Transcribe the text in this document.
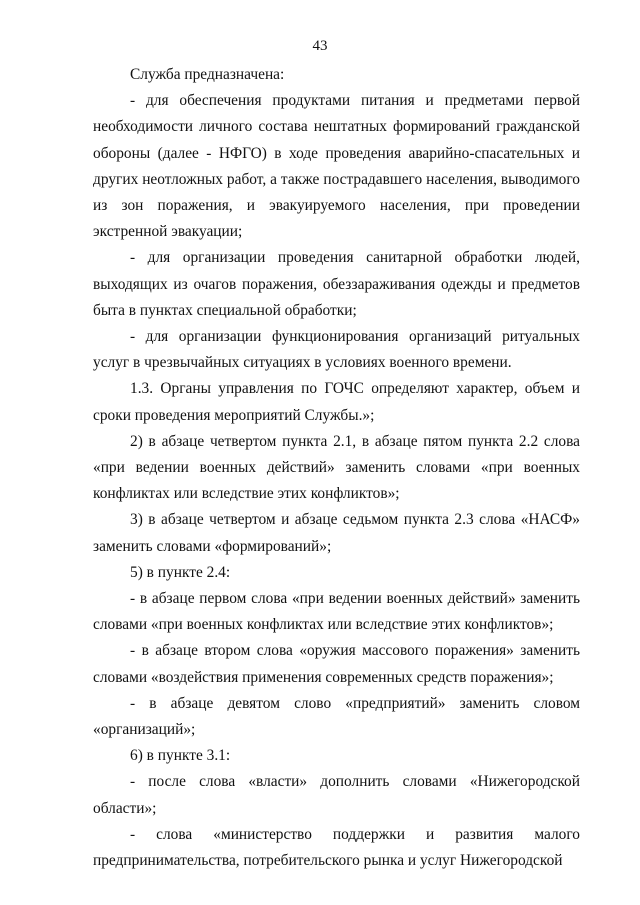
43

Служба предназначена:

- для обеспечения продуктами питания и предметами первой необходимости личного состава нештатных формирований гражданской обороны (далее - НФГО) в ходе проведения аварийно-спасательных и других неотложных работ, а также пострадавшего населения, выводимого из зон поражения, и эвакуируемого населения, при проведении экстренной эвакуации;

- для организации проведения санитарной обработки людей, выходящих из очагов поражения, обеззараживания одежды и предметов быта в пунктах специальной обработки;

- для организации функционирования организаций ритуальных услуг в чрезвычайных ситуациях в условиях военного времени.

1.3. Органы управления по ГОЧС определяют характер, объем и сроки проведения мероприятий Службы.»;

2) в абзаце четвертом пункта 2.1, в абзаце пятом пункта 2.2 слова «при ведении военных действий» заменить словами «при военных конфликтах или вследствие этих конфликтов»;

3) в абзаце четвертом и абзаце седьмом пункта 2.3 слова «НАСФ» заменить словами «формирований»;

5) в пункте 2.4:

- в абзаце первом слова «при ведении военных действий» заменить словами «при военных конфликтах или вследствие этих конфликтов»;

- в абзаце втором слова «оружия массового поражения» заменить словами «воздействия применения современных средств поражения»;

- в абзаце девятом слово «предприятий» заменить словом «организаций»;

6) в пункте 3.1:

- после слова «власти» дополнить словами «Нижегородской области»;

- слова «министерство поддержки и развития малого предпринимательства, потребительского рынка и услуг Нижегородской
